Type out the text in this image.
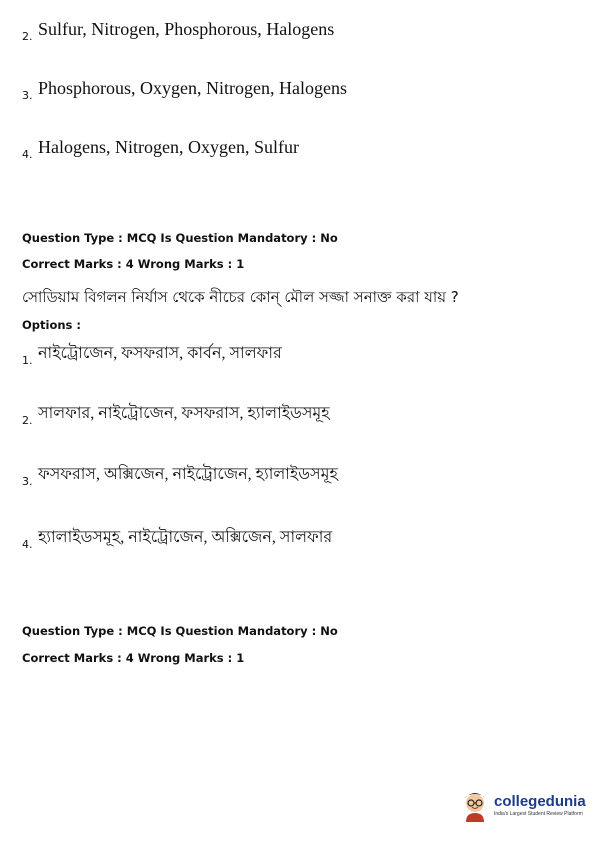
2. Sulfur, Nitrogen, Phosphorous, Halogens
3. Phosphorous, Oxygen, Nitrogen, Halogens
4. Halogens, Nitrogen, Oxygen, Sulfur
Question Type : MCQ Is Question Mandatory : No
Correct Marks : 4 Wrong Marks : 1
সোডিয়াম বিগলন নির্যাস থেকে নীচের কোন্ মৌল সজ্জা সনাক্ত করা যায় ?
Options :
1. নাইট্রোজেন, ফসফরাস, কার্বন, সালফার
2. সালফার, নাইট্রোজেন, ফসফরাস, হ্যালাইডসমূহ
3. ফসফরাস, অক্সিজেন, নাইট্রোজেন, হ্যালাইডসমূহ
4. হ্যালাইডসমূহ, নাইট্রোজেন, অক্সিজেন, সালফার
Question Type : MCQ Is Question Mandatory : No
Correct Marks : 4 Wrong Marks : 1
collegedunia
India's Largest Student Review Platform
